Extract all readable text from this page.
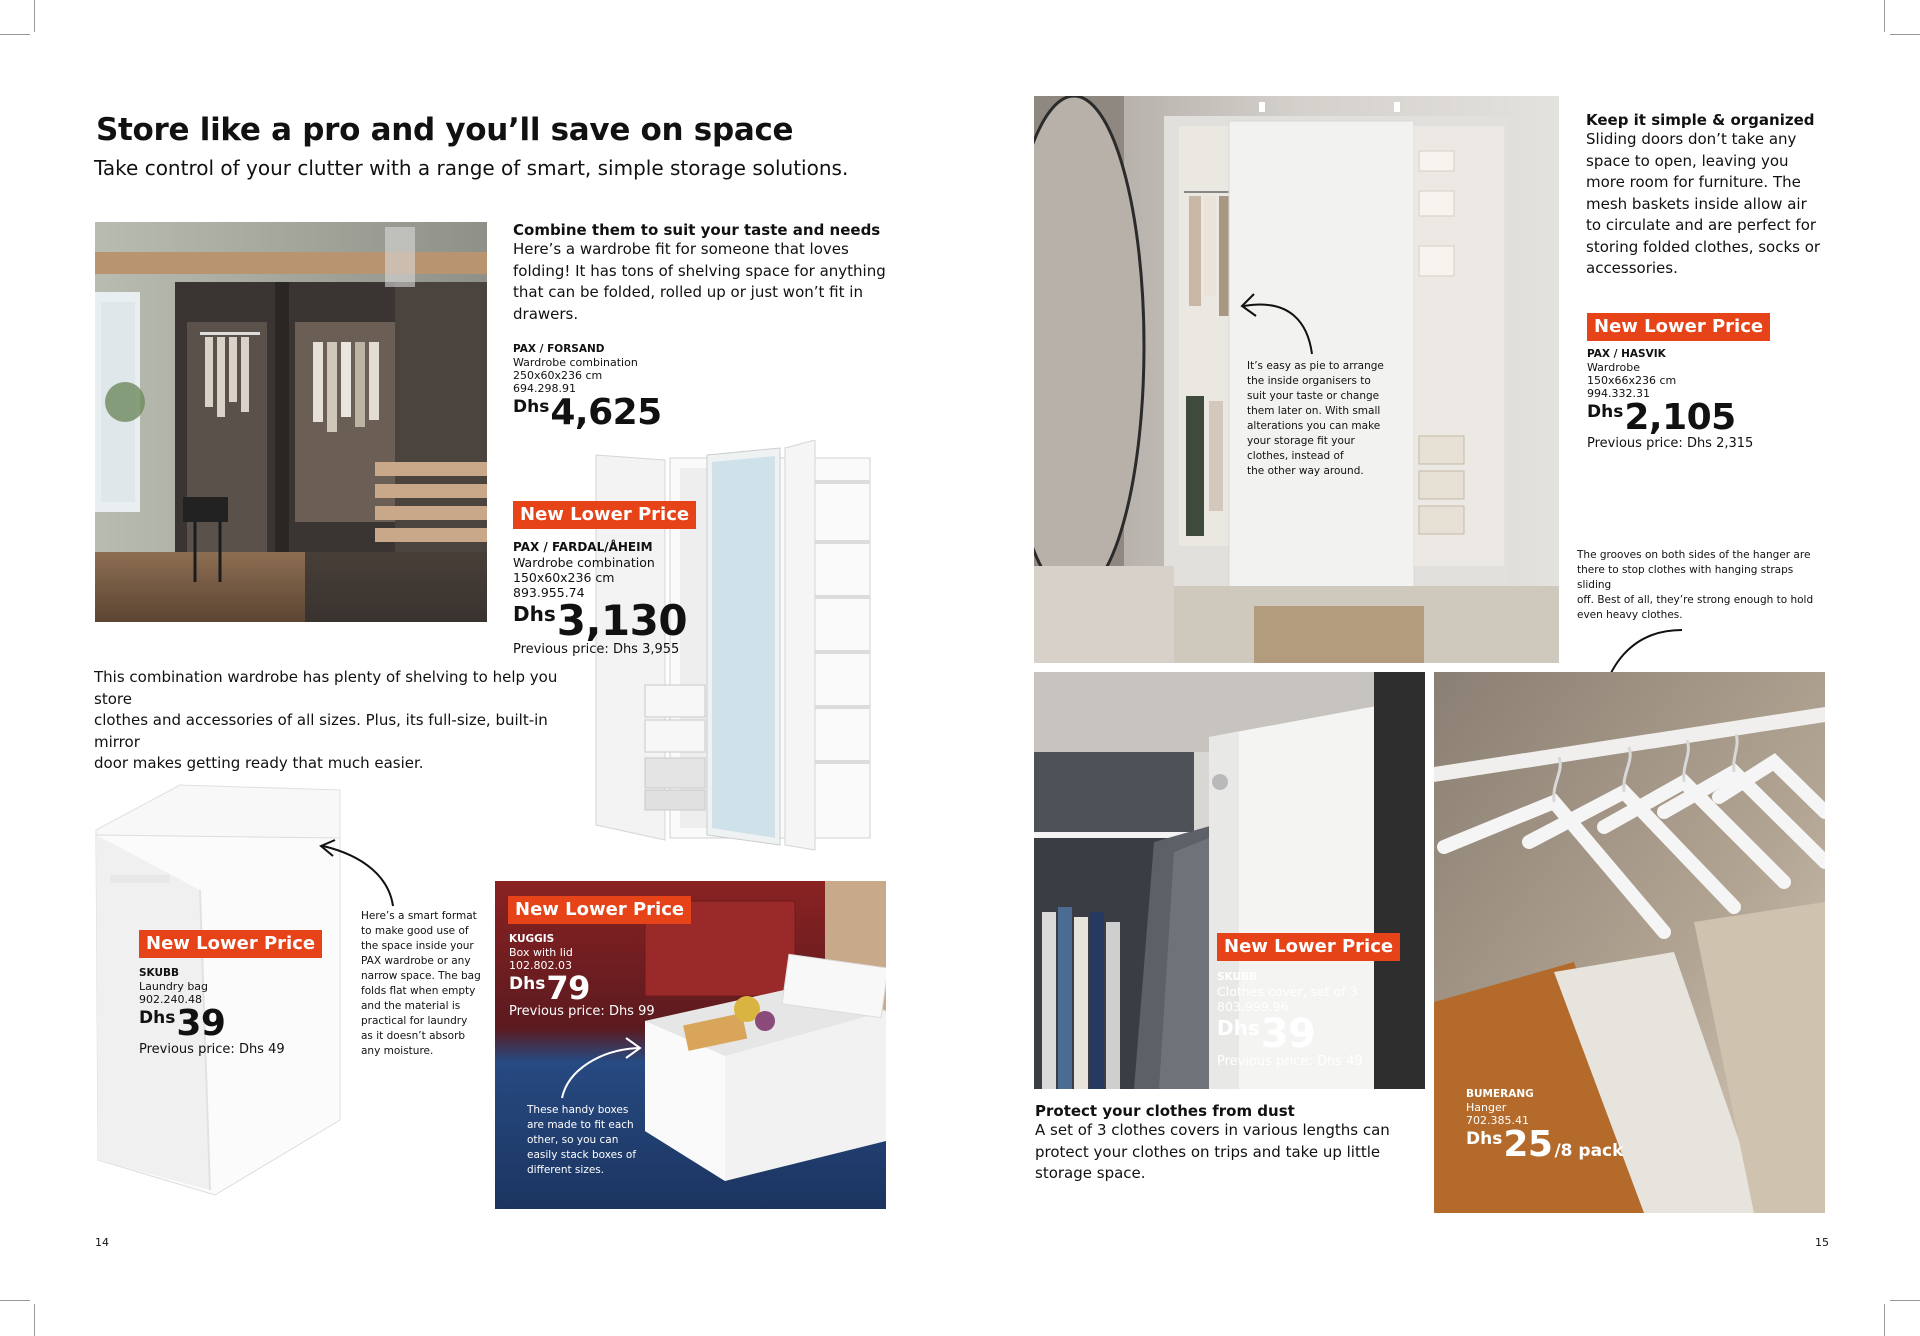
Store like a pro and you’ll save on space
Take control of your clutter with a range of smart, simple storage solutions.
Combine them to suit your taste and needs
Here’s a wardrobe fit for someone that loves
folding! It has tons of shelving space for anything
that can be folded, rolled up or just won’t fit in
drawers.
PAX / FORSAND
Wardrobe combination
250x60x236 cm
694.298.91
Dhs 4,625
New Lower Price
PAX / FARDAL/ÅHEIM
Wardrobe combination
150x60x236 cm
893.955.74
Dhs 3,130
Previous price: Dhs 3,955
This combination wardrobe has plenty of shelving to help you store
clothes and accessories of all sizes. Plus, its full-size, built-in mirror
door makes getting ready that much easier.
New Lower Price
SKUBB
Laundry bag
902.240.48
Dhs 39
Previous price: Dhs 49
Here’s a smart format
to make good use of
the space inside your
PAX wardrobe or any
narrow space. The bag
folds flat when empty
and the material is
practical for laundry
as it doesn’t absorb
any moisture.
New Lower Price
KUGGIS
Box with lid
102.802.03
Dhs 79
Previous price: Dhs 99
These handy boxes
are made to fit each
other, so you can
easily stack boxes of
different sizes.
14
It’s easy as pie to arrange
the inside organisers to
suit your taste or change
them later on. With small
alterations you can make
your storage fit your
clothes, instead of
the other way around.
Keep it simple & organized
Sliding doors don’t take any
space to open, leaving you
more room for furniture. The
mesh baskets inside allow air
to circulate and are perfect for
storing folded clothes, socks or
accessories.
New Lower Price
PAX / HASVIK
Wardrobe
150x66x236 cm
994.332.31
Dhs 2,105
Previous price: Dhs 2,315
The grooves on both sides of the hanger are
there to stop clothes with hanging straps sliding
off. Best of all, they’re strong enough to hold
even heavy clothes.
New Lower Price
SKUBB
Clothes cover, set of 3
803.999.96
Dhs 39
Previous price: Dhs 49
Protect your clothes from dust
A set of 3 clothes covers in various lengths can
protect your clothes on trips and take up little
storage space.
BUMERANG
Hanger
702.385.41
Dhs 25 /8 pack
15
